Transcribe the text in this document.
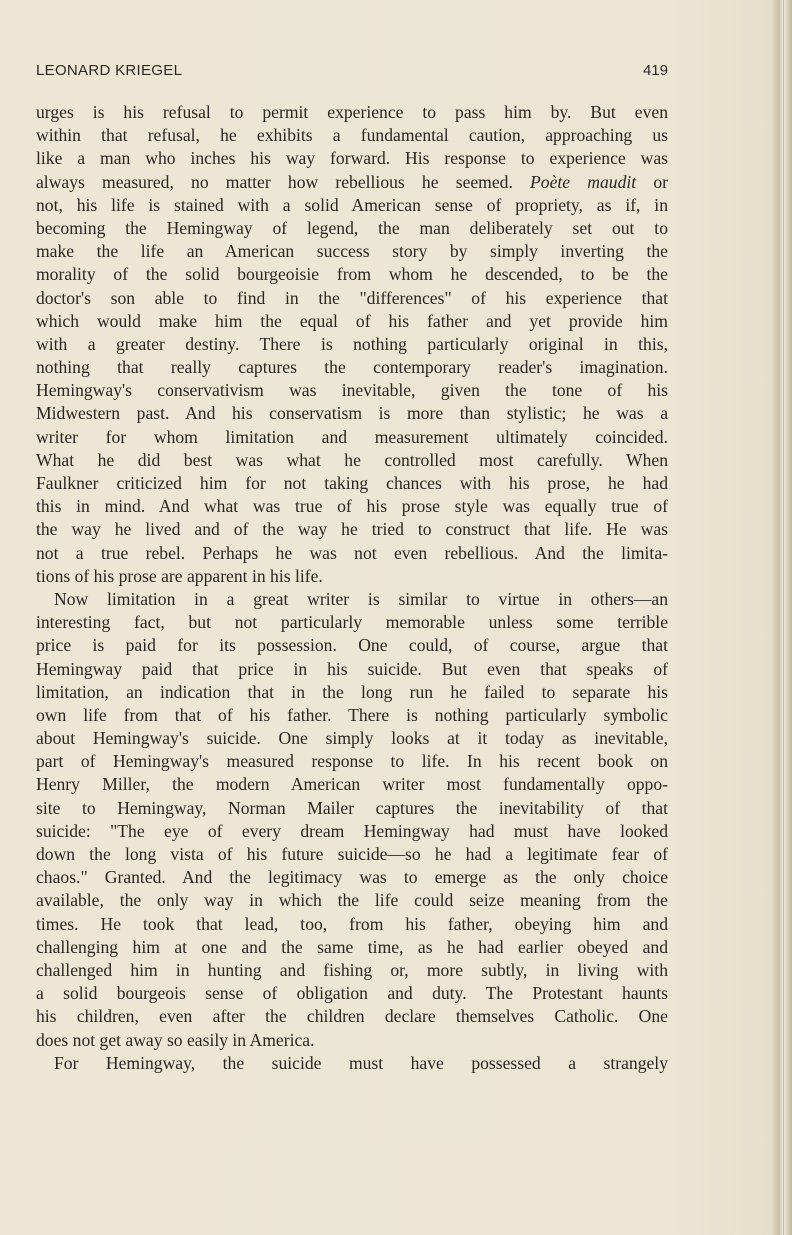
LEONARD KRIEGEL	419
urges is his refusal to permit experience to pass him by. But even
within that refusal, he exhibits a fundamental caution, approaching us
like a man who inches his way forward. His response to experience was
always measured, no matter how rebellious he seemed. Poète maudit or
not, his life is stained with a solid American sense of propriety, as if, in
becoming the Hemingway of legend, the man deliberately set out to
make the life an American success story by simply inverting the
morality of the solid bourgeoisie from whom he descended, to be the
doctor's son able to find in the "differences" of his experience that
which would make him the equal of his father and yet provide him
with a greater destiny. There is nothing particularly original in this,
nothing that really captures the contemporary reader's imagination.
Hemingway's conservativism was inevitable, given the tone of his
Midwestern past. And his conservatism is more than stylistic; he was a
writer for whom limitation and measurement ultimately coincided.
What he did best was what he controlled most carefully. When
Faulkner criticized him for not taking chances with his prose, he had
this in mind. And what was true of his prose style was equally true of
the way he lived and of the way he tried to construct that life. He was
not a true rebel. Perhaps he was not even rebellious. And the limita-
tions of his prose are apparent in his life.
Now limitation in a great writer is similar to virtue in others—an
interesting fact, but not particularly memorable unless some terrible
price is paid for its possession. One could, of course, argue that
Hemingway paid that price in his suicide. But even that speaks of
limitation, an indication that in the long run he failed to separate his
own life from that of his father. There is nothing particularly symbolic
about Hemingway's suicide. One simply looks at it today as inevitable,
part of Hemingway's measured response to life. In his recent book on
Henry Miller, the modern American writer most fundamentally oppo-
site to Hemingway, Norman Mailer captures the inevitability of that
suicide: "The eye of every dream Hemingway had must have looked
down the long vista of his future suicide—so he had a legitimate fear of
chaos." Granted. And the legitimacy was to emerge as the only choice
available, the only way in which the life could seize meaning from the
times. He took that lead, too, from his father, obeying him and
challenging him at one and the same time, as he had earlier obeyed and
challenged him in hunting and fishing or, more subtly, in living with
a solid bourgeois sense of obligation and duty. The Protestant haunts
his children, even after the children declare themselves Catholic. One
does not get away so easily in America.
For Hemingway, the suicide must have possessed a strangely
